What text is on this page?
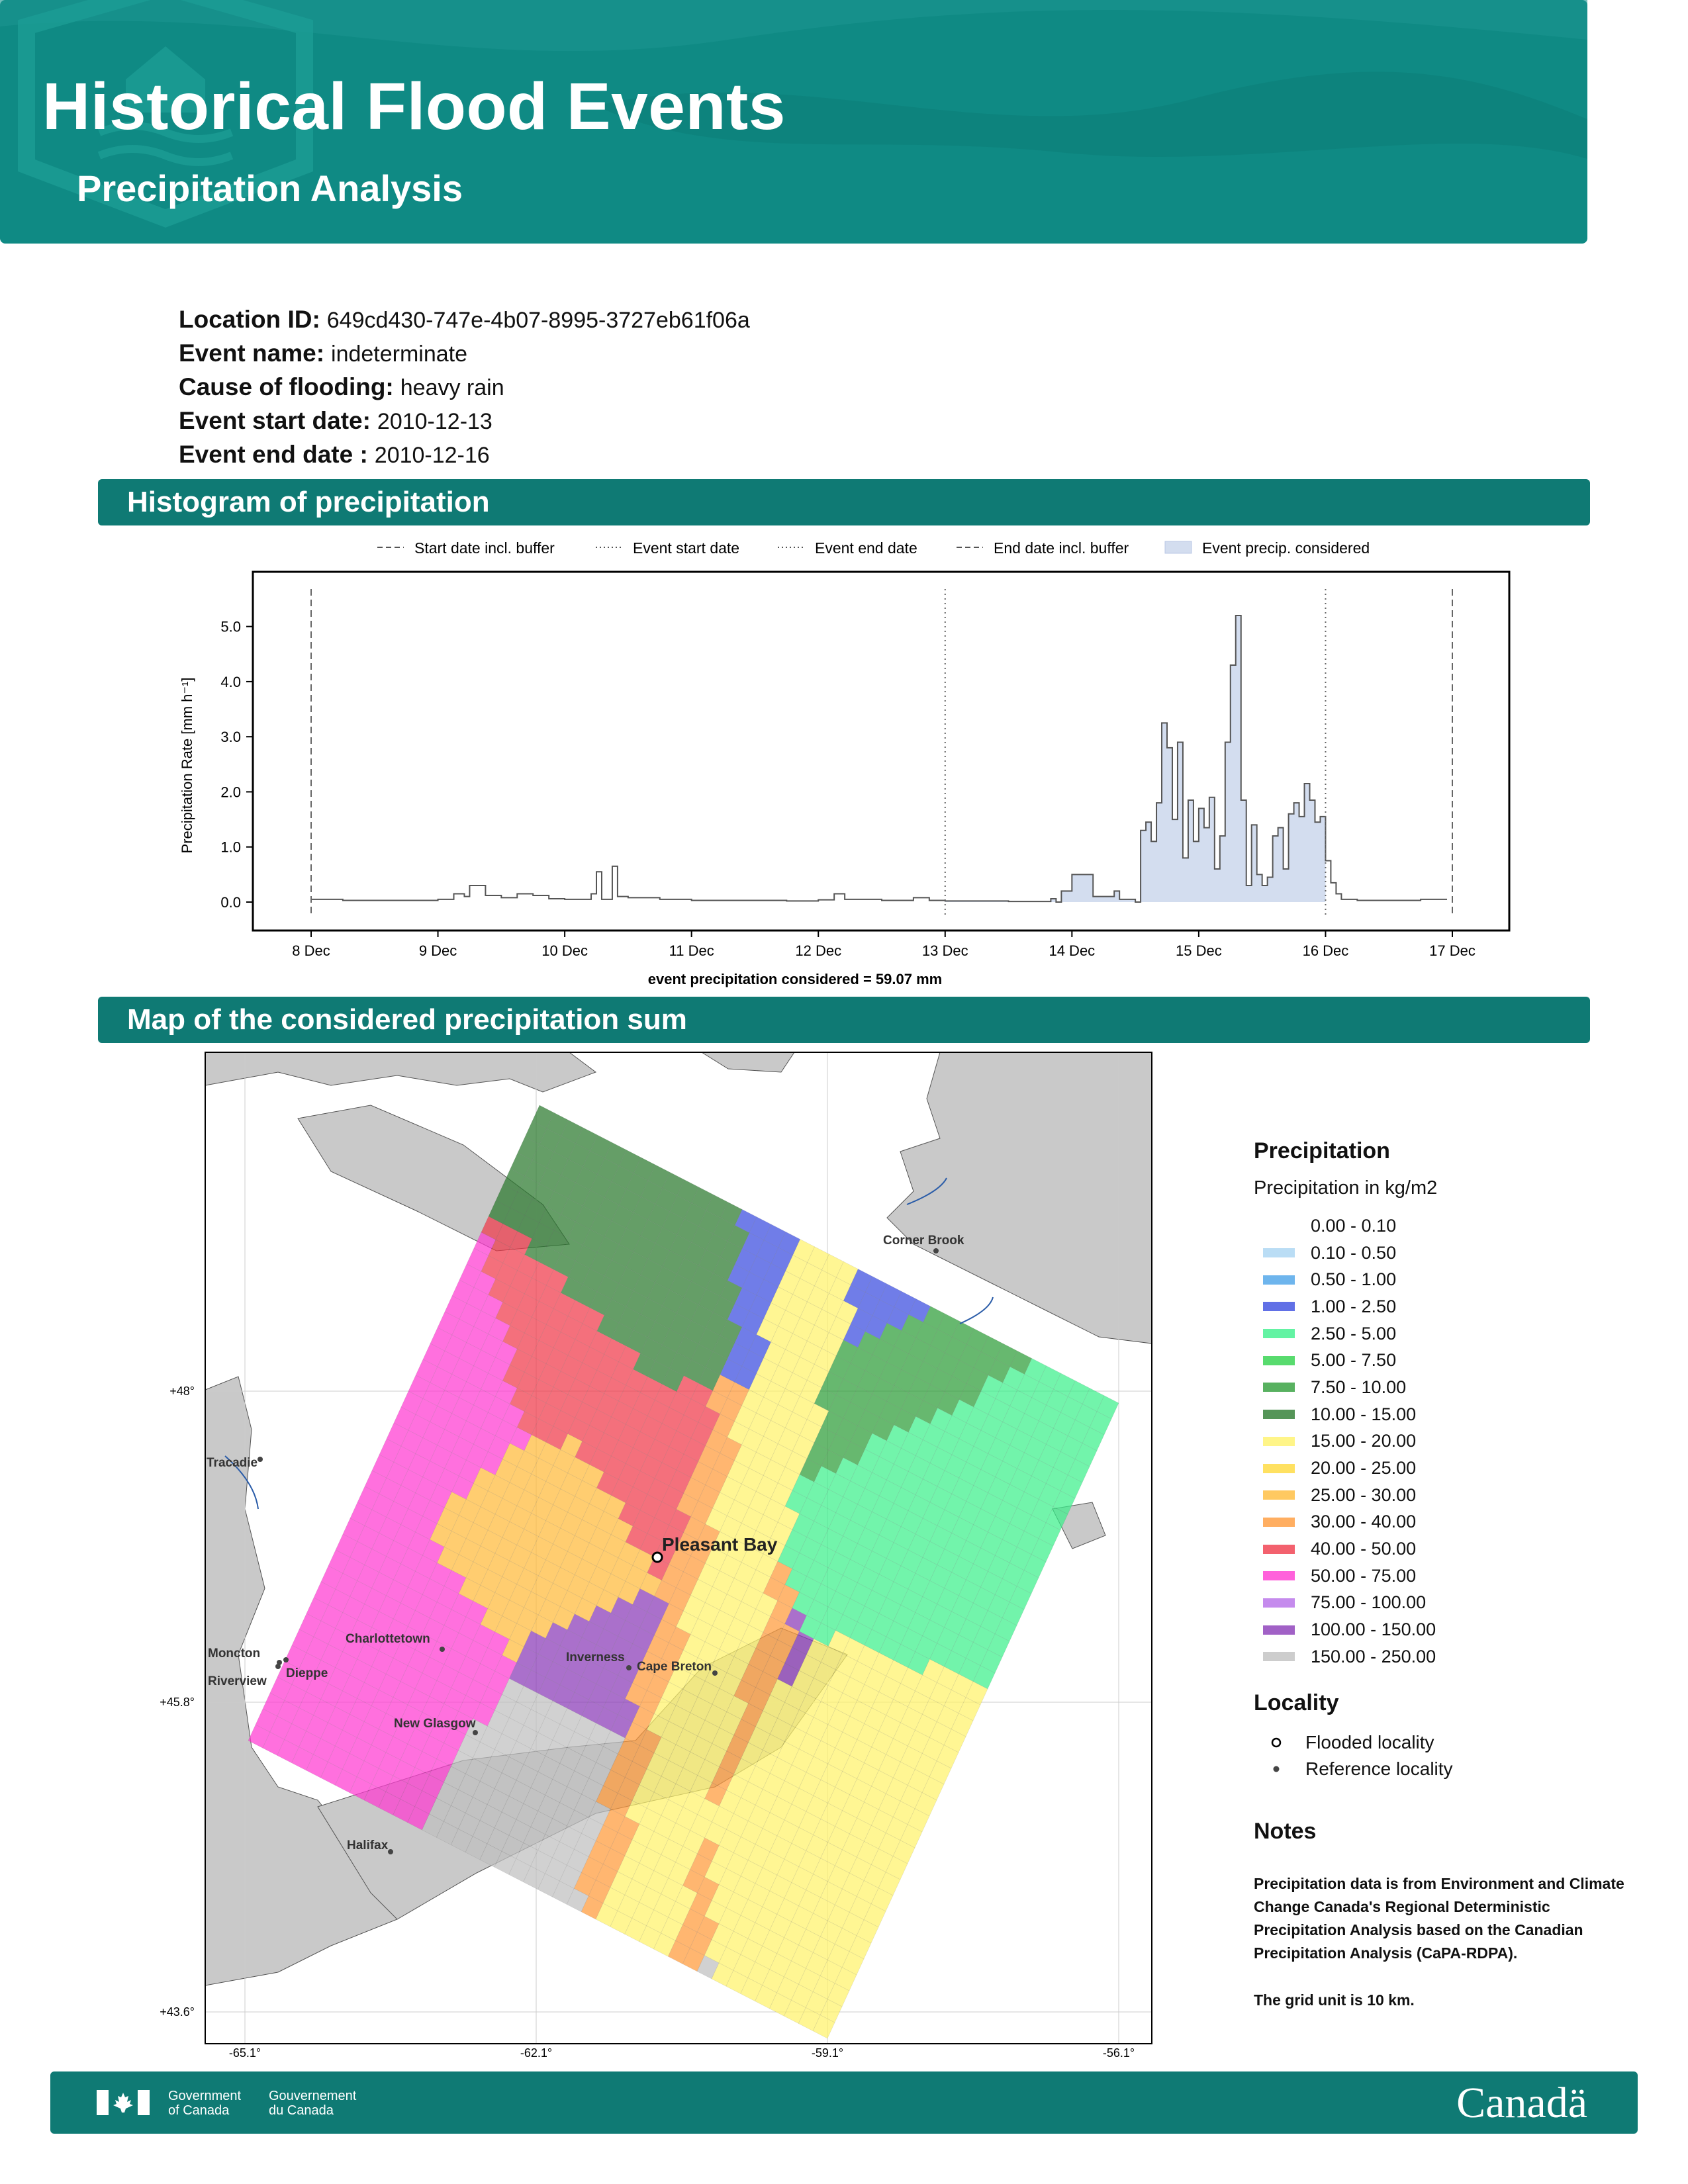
Historical Flood Events
Precipitation Analysis
Location ID: 649cd430-747e-4b07-8995-3727eb61f06a
Event name: indeterminate
Cause of flooding: heavy rain
Event start date: 2010-12-13
Event end date : 2010-12-16
Histogram of precipitation
Start date incl. buffer	Event start date	Event end date	End date incl. buffer	Event precip. considered
0.0
1.0
2.0
3.0
4.0
5.0
Precipitation Rate [mm h⁻¹]
8 Dec	9 Dec	10 Dec	11 Dec	12 Dec	13 Dec	14 Dec	15 Dec	16 Dec	17 Dec
event precipitation considered = 59.07 mm
Map of the considered precipitation sum
Corner Brook
Tracadie
Charlottetown
Moncton
Dieppe
Riverview
Inverness
Cape Breton
New Glasgow
Halifax
Pleasant Bay
-65.1°	-62.1°	-59.1°	-56.1°
+48°
+45.8°
+43.6°
Precipitation
Precipitation in kg/m2
0.00 - 0.10
0.10 - 0.50
0.50 - 1.00
1.00 - 2.50
2.50 - 5.00
5.00 - 7.50
7.50 - 10.00
10.00 - 15.00
15.00 - 20.00
20.00 - 25.00
25.00 - 30.00
30.00 - 40.00
40.00 - 50.00
50.00 - 75.00
75.00 - 100.00
100.00 - 150.00
150.00 - 250.00
Locality
Flooded locality
Reference locality
Notes
Precipitation data is from Environment and Climate Change Canada's Regional Deterministic Precipitation Analysis based on the Canadian Precipitation Analysis (CaPA-RDPA).
The grid unit is 10 km.
Government
of Canada
Gouvernement
du Canada	Canadä
